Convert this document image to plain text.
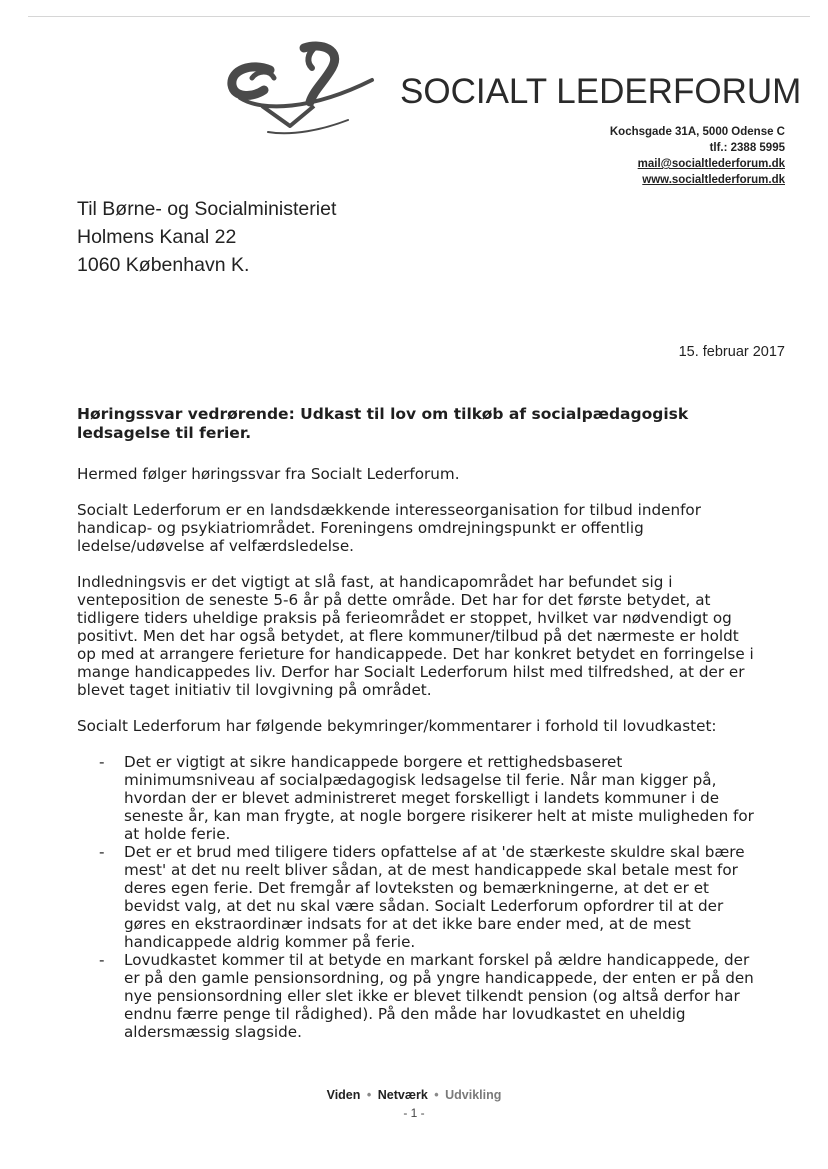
SOCIALT LEDERFORUM
Kochsgade 31A, 5000 Odense C
tlf.: 2388 5995
mail@socialtlederforum.dk
www.socialtlederforum.dk
Til Børne- og Socialministeriet
Holmens Kanal 22
1060 København K.
15. februar 2017
Høringssvar vedrørende: Udkast til lov om tilkøb af socialpædagogisk ledsagelse til ferier.

Hermed følger høringssvar fra Socialt Lederforum.

Socialt Lederforum er en landsdækkende interesseorganisation for tilbud indenfor handicap- og psykiatriområdet. Foreningens omdrejningspunkt er offentlig ledelse/udøvelse af velfærdsledelse.

Indledningsvis er det vigtigt at slå fast, at handicapområdet har befundet sig i venteposition de seneste 5-6 år på dette område. Det har for det første betydet, at tidligere tiders uheldige praksis på ferieområdet er stoppet, hvilket var nødvendigt og positivt. Men det har også betydet, at flere kommuner/tilbud på det nærmeste er holdt op med at arrangere ferieture for handicappede. Det har konkret betydet en forringelse i mange handicappedes liv. Derfor har Socialt Lederforum hilst med tilfredshed, at der er blevet taget initiativ til lovgivning på området.

Socialt Lederforum har følgende bekymringer/kommentarer i forhold til lovudkastet:

- Det er vigtigt at sikre handicappede borgere et rettighedsbaseret minimumsniveau af socialpædagogisk ledsagelse til ferie. Når man kigger på, hvordan der er blevet administreret meget forskelligt i landets kommuner i de seneste år, kan man frygte, at nogle borgere risikerer helt at miste muligheden for at holde ferie.
- Det er et brud med tiligere tiders opfattelse af at 'de stærkeste skuldre skal bære mest' at det nu reelt bliver sådan, at de mest handicappede skal betale mest for deres egen ferie. Det fremgår af lovteksten og bemærkningerne, at det er et bevidst valg, at det nu skal være sådan. Socialt Lederforum opfordrer til at der gøres en ekstraordinær indsats for at det ikke bare ender med, at de mest handicappede aldrig kommer på ferie.
- Lovudkastet kommer til at betyde en markant forskel på ældre handicappede, der er på den gamle pensionsordning, og på yngre handicappede, der enten er på den nye pensionsordning eller slet ikke er blevet tilkendt pension (og altså derfor har endnu færre penge til rådighed). På den måde har lovudkastet en uheldig aldersmæssig slagside.
Viden • Netværk • Udvikling
- 1 -
